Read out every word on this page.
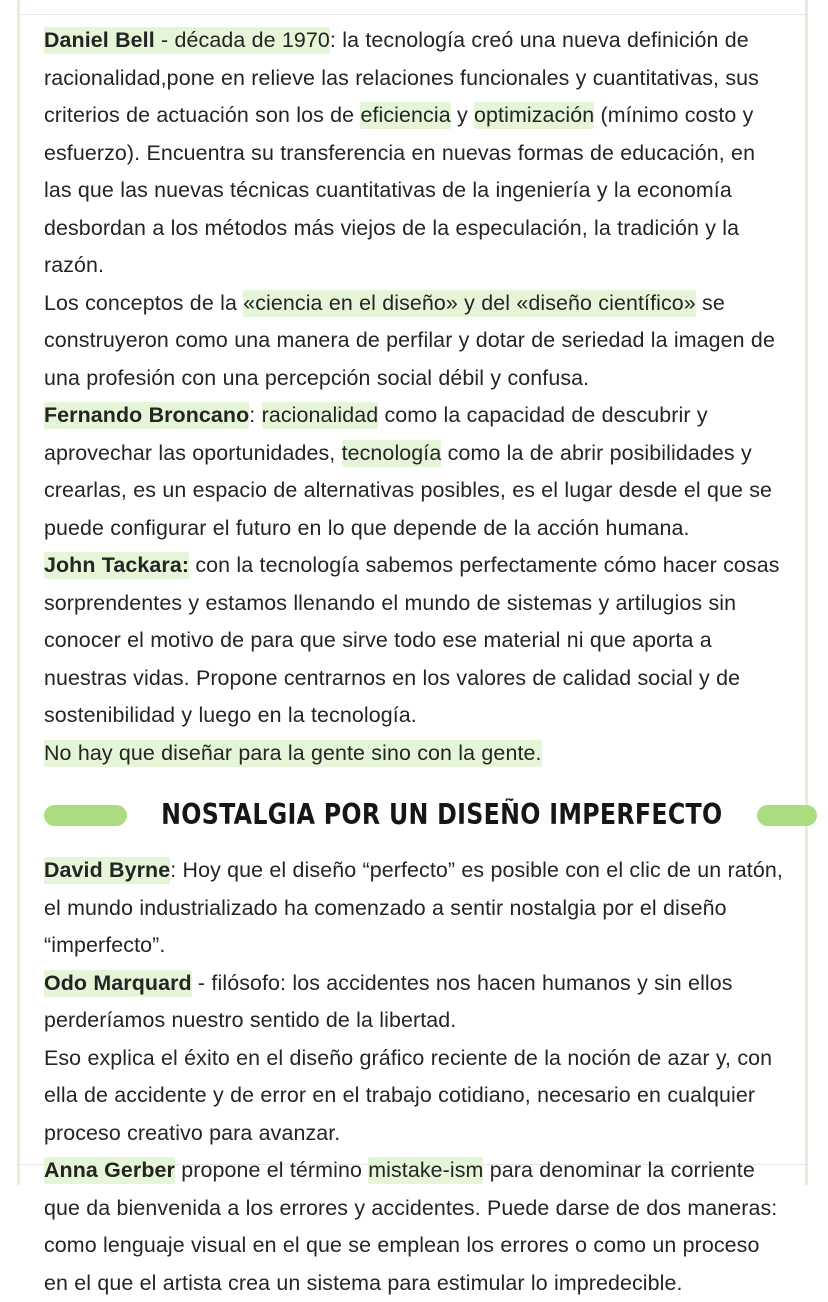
Daniel Bell - década de 1970: la tecnología creó una nueva definición de racionalidad,pone en relieve las relaciones funcionales y cuantitativas, sus criterios de actuación son los de eficiencia y optimización (mínimo costo y esfuerzo). Encuentra su transferencia en nuevas formas de educación, en las que las nuevas técnicas cuantitativas de la ingeniería y la economía desbordan a los métodos más viejos de la especulación, la tradición y la razón.

Los conceptos de la «ciencia en el diseño» y del «diseño científico» se construyeron como una manera de perfilar y dotar de seriedad la imagen de una profesión con una percepción social débil y confusa.

Fernando Broncano: racionalidad como la capacidad de descubrir y aprovechar las oportunidades, tecnología como la de abrir posibilidades y crearlas, es un espacio de alternativas posibles, es el lugar desde el que se puede configurar el futuro en lo que depende de la acción humana.

John Tackara: con la tecnología sabemos perfectamente cómo hacer cosas sorprendentes y estamos llenando el mundo de sistemas y artilugios sin conocer el motivo de para que sirve todo ese material ni que aporta a nuestras vidas. Propone centrarnos en los valores de calidad social y de sostenibilidad y luego en la tecnología.

No hay que diseñar para la gente sino con la gente.

NOSTALGIA POR UN DISEÑO IMPERFECTO

David Byrne: Hoy que el diseño “perfecto” es posible con el clic de un ratón, el mundo industrializado ha comenzado a sentir nostalgia por el diseño “imperfecto”.

Odo Marquard - filósofo: los accidentes nos hacen humanos y sin ellos perderíamos nuestro sentido de la libertad.

Eso explica el éxito en el diseño gráfico reciente de la noción de azar y, con ella de accidente y de error en el trabajo cotidiano, necesario en cualquier proceso creativo para avanzar.

Anna Gerber propone el término mistake-ism para denominar la corriente que da bienvenida a los errores y accidentes. Puede darse de dos maneras: como lenguaje visual en el que se emplean los errores o como un proceso en el que el artista crea un sistema para estimular lo impredecible.
